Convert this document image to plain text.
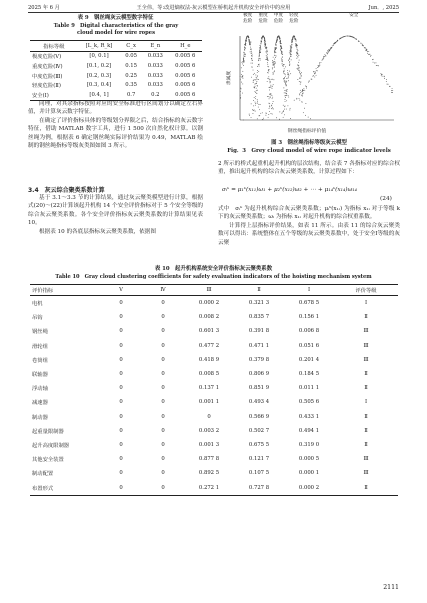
2025 年 6 月	王全伟，等:改进熵权法-灰云模型在桥机起升机构安全评价中的应用	Jun．, 2025
表 9　钢丝绳灰云模型数字特征
Table 9　Digital characteristics of the gray cloud model for wire ropes
指标等级	[L_k, R_k]	C_x	E_n	H_e
极度危险(Ⅴ)	[0, 0.1]	0.05	0.033	0.005 6
重度危险(Ⅳ)	[0.1, 0.2]	0.15	0.033	0.005 6
中度危险(Ⅲ)	[0.2, 0.3]	0.25	0.033	0.005 6
轻度危险(Ⅱ)	[0.3, 0.4]	0.35	0.033	0.005 6
安全(Ⅰ)	[0.4, 1]	0.7	0.2	0.005 6
极度
危险
重度
危险
中度
危险
轻度
危险
安全
隶属度
钢丝绳指标评价值
图 3　钢丝绳指标等级灰云模型
Fig．3　Grey cloud model of wire rope indicator levels

同理，对其余指标按照对应的安全标准进行区间划分以确定左右界值，并计算灰云数字特征。

在确定了评价指标具体的等级划分界限之后，结合指标的灰云数字特征，借助 MATLAB 数字工具，进行 1 500 次自然化权计算。以钢丝绳为例，根据表 6 确定钢丝绳实际评价结果为 0.49，MATLAB 绘制的钢丝绳指标等级灰类图如图 3 所示。

3.4　灰云综合聚类系数计算

基于 3.1～3.3 节的计算结果，通过灰云聚类模型进行计算，根据式(20)～(22)计算该起升机构 14 个安全评价指标对于 5 个安全等级的综合灰云聚类系数。各个安全评价指标灰云聚类系数的计算结果见表 10。

根据表 10 的各底层指标灰云聚类系数，依据图

2 所示的桥式起重机起升机构的层次结构，结合表 7 各指标对应的综合权重，推出起升机构的综合灰云聚类系数，计算过程如下：

σᵢᵏ = μ₁ᵏ(x₁₁)ω₁ + μ₂ᵏ(x₁₂)ω₂ + ⋯ + μ₁₄ᵏ(x₁₄)ω₁₄
(24)

式中　σᵢᵏ 为起升机构综合灰云聚类系数；μᵢᵏ(x₁ᵢ) 为指标 x₁ᵢ 对于等级 k 下的灰云聚类系数；ωᵢ 为指标 x₁ᵢ 对起升机构的综合权重系数。

计算得上层指标评价结果，如表 11 所示。由表 11 的综合灰云聚类数可以得出：系统整体在五个等级的灰云聚类系数中，处于安全Ⅰ等级的灰云聚

表 10　起升机构系统安全评价指标灰云聚类系数
Table 10　Gray cloud clustering coefficients for safety evaluation indicators of the hoisting mechanism system
评价指标	Ⅴ	Ⅳ	Ⅲ	Ⅱ	Ⅰ	评价等级
电机	0	0	0.000 2	0.321 3	0.678 5	Ⅰ
吊钩	0	0	0.008 2	0.835 7	0.156 1	Ⅱ
钢丝绳	0	0	0.601 3	0.391 8	0.006 8	Ⅲ
滑轮组	0	0	0.477 2	0.471 1	0.051 6	Ⅲ
卷筒组	0	0	0.418 9	0.379 8	0.201 4	Ⅲ
联轴器	0	0	0.008 5	0.806 9	0.184 5	Ⅱ
浮动轴	0	0	0.137 1	0.851 9	0.011 1	Ⅱ
减速器	0	0	0.001 1	0.493 4	0.505 6	Ⅰ
制动器	0	0	0	0.566 9	0.433 1	Ⅱ
起重量限制器	0	0	0.003 2	0.502 7	0.494 1	Ⅱ
起升高度限制器	0	0	0.001 3	0.675 5	0.319 0	Ⅱ
其他安全装置	0	0	0.877 8	0.121 7	0.000 5	Ⅲ
制动配置	0	0	0.892 5	0.107 5	0.000 1	Ⅲ
布置形式	0	0	0.272 1	0.727 8	0.000 2	Ⅱ
2111
